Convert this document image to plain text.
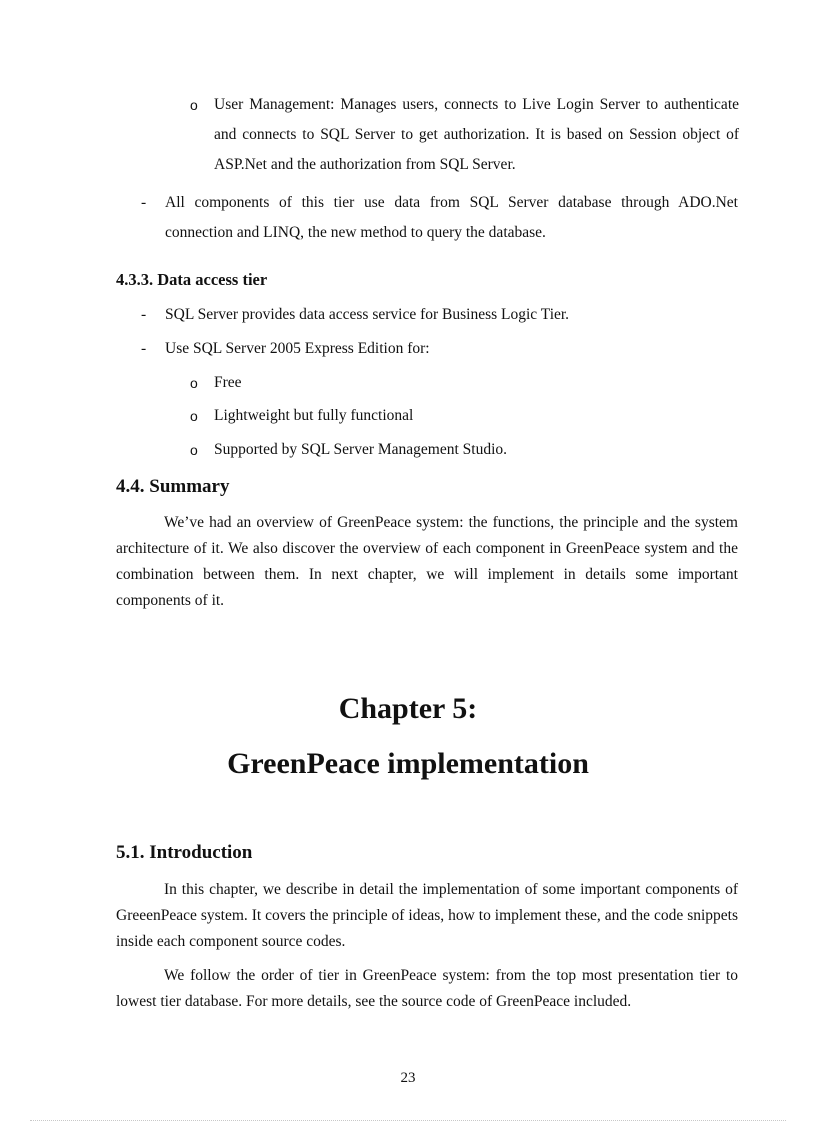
o User Management: Manages users, connects to Live Login Server to authenticate and connects to SQL Server to get authorization. It is based on Session object of ASP.Net and the authorization from SQL Server.
- All components of this tier use data from SQL Server database through ADO.Net connection and LINQ, the new method to query the database.
4.3.3. Data access tier
- SQL Server provides data access service for Business Logic Tier.
- Use SQL Server 2005 Express Edition for:
o Free
o Lightweight but fully functional
o Supported by SQL Server Management Studio.
4.4. Summary
We’ve had an overview of GreenPeace system: the functions, the principle and the system architecture of it. We also discover the overview of each component in GreenPeace system and the combination between them. In next chapter, we will implement in details some important components of it.
Chapter 5:
GreenPeace implementation
5.1. Introduction
In this chapter, we describe in detail the implementation of some important components of GreeenPeace system. It covers the principle of ideas, how to implement these, and the code snippets inside each component source codes.
We follow the order of tier in GreenPeace system: from the top most presentation tier to lowest tier database. For more details, see the source code of GreenPeace included.
23
